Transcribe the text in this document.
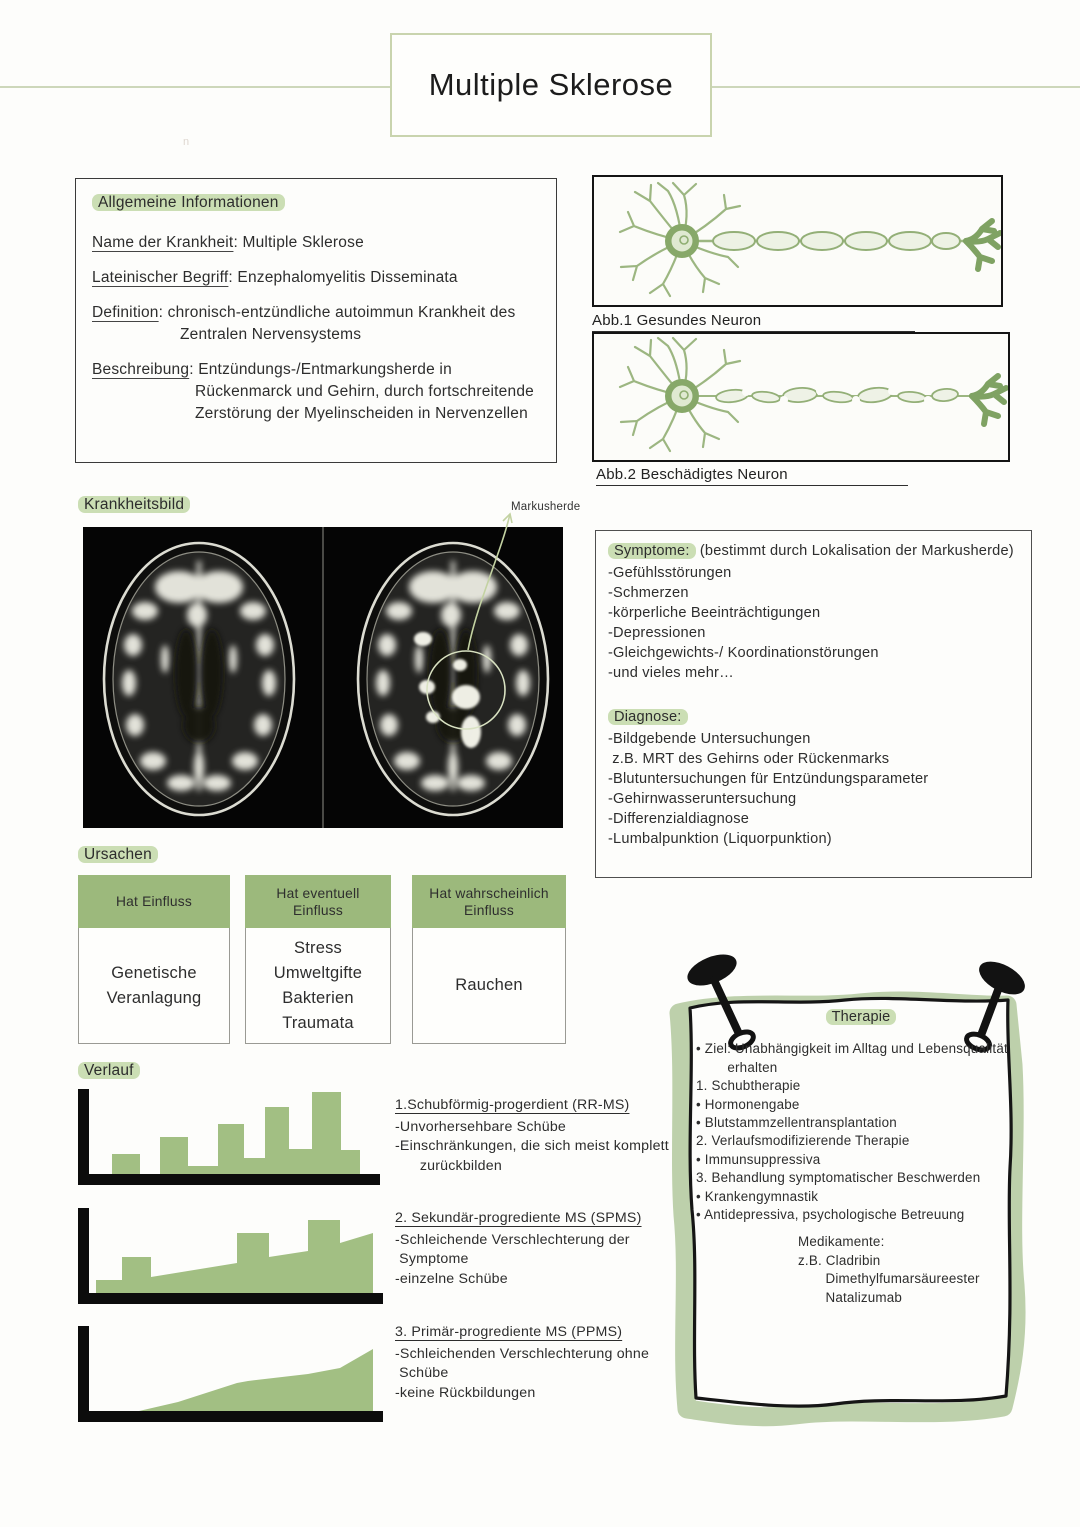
Multiple Sklerose
n
Allgemeine Informationen
Name der Krankheit: Multiple Sklerose
Lateinischer Begriff: Enzephalomyelitis Disseminata
Definition: chronisch-entzündliche autoimmun Krankheit des
Zentralen Nervensystems
Beschreibung: Entzündungs-/Entmarkungsherde in
Rückenmarck und Gehirn, durch fortschreitende
Zerstörung der Myelinscheiden in Nervenzellen
Abb.1 Gesundes Neuron
Abb.2 Beschädigtes Neuron
Krankheitsbild	Markusherde
Symptome: (bestimmt durch Lokalisation der Markusherde)
-Gefühlsstörungen
-Schmerzen
-körperliche Beeinträchtigungen
-Depressionen
-Gleichgewichts-/ Koordinationstörungen
-und vieles mehr…
Diagnose:
-Bildgebende Untersuchungen
z.B. MRT des Gehirns oder Rückenmarks
-Blutuntersuchungen für Entzündungsparameter
-Gehirnwasseruntersuchung
-Differenzialdiagnose
-Lumbalpunktion (Liquorpunktion)
Ursachen
Hat Einfluss
Genetische
Veranlagung
Hat eventuell Einfluss
Stress
Umweltgifte
Bakterien
Traumata
Hat wahrscheinlich Einfluss
Rauchen
Verlauf
1.Schubförmig-progerdient (RR-MS)
-Unvorhersehbare Schübe
-Einschränkungen, die sich meist komplett
zurückbilden
2. Sekundär-progrediente MS (SPMS)
-Schleichende Verschlechterung der
Symptome
-einzelne Schübe
3. Primär-progrediente MS (PPMS)
-Schleichenden Verschlechterung ohne
Schübe
-keine Rückbildungen
Therapie
• Ziel: Unabhängigkeit im Alltag und Lebensqualität
erhalten
1. Schubtherapie
• Hormonengabe
• Blutstammzellentransplantation
2. Verlaufsmodifizierende Therapie
• Immunsuppressiva
3. Behandlung symptomatischer Beschwerden
• Krankengymnastik
• Antidepressiva, psychologische Betreuung
Medikamente:
z.B. Cladribin
Dimethylfumarsäureester
Natalizumab
